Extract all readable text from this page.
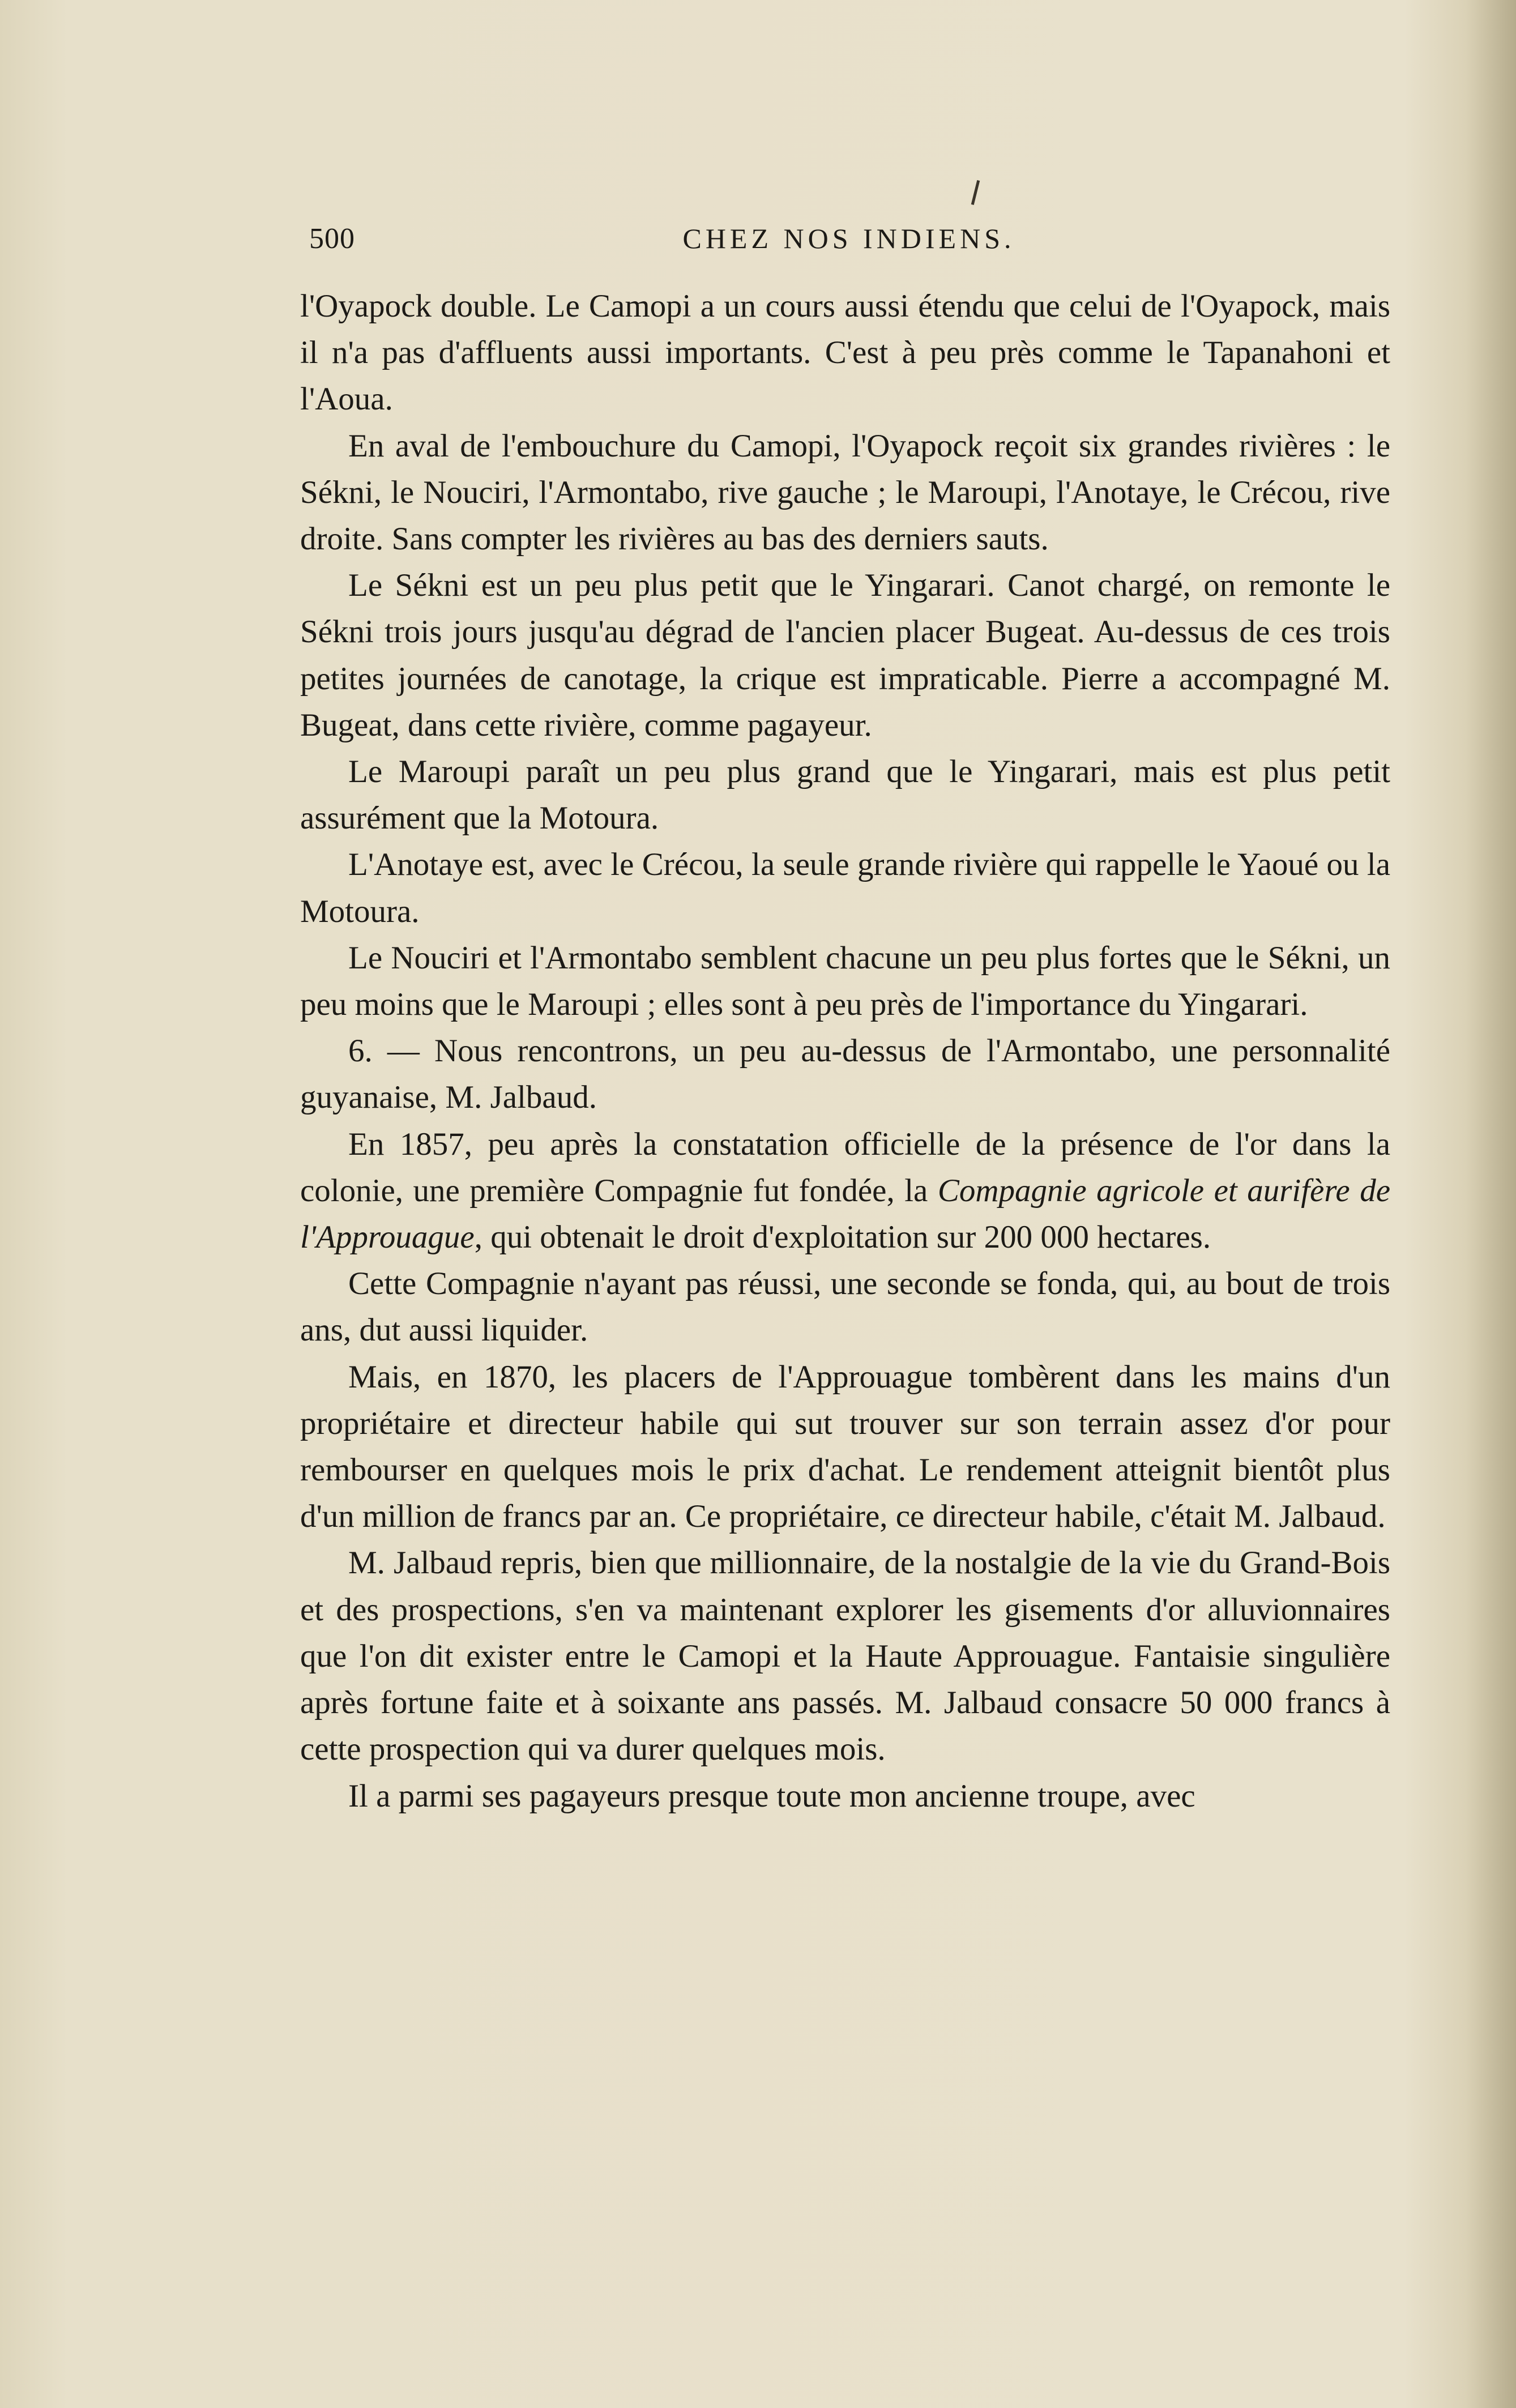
500	CHEZ NOS INDIENS.

l'Oyapock double. Le Camopi a un cours aussi étendu que celui de l'Oyapock, mais il n'a pas d'affluents aussi importants. C'est à peu près comme le Tapanahoni et l'Aoua.

En aval de l'embouchure du Camopi, l'Oyapock reçoit six grandes rivières : le Sékni, le Nouciri, l'Armontabo, rive gauche ; le Maroupi, l'Anotaye, le Crécou, rive droite. Sans compter les rivières au bas des derniers sauts.

Le Sékni est un peu plus petit que le Yingarari. Canot chargé, on remonte le Sékni trois jours jusqu'au dégrad de l'ancien placer Bugeat. Au-dessus de ces trois petites journées de canotage, la crique est impraticable. Pierre a accompagné M. Bugeat, dans cette rivière, comme pagayeur.

Le Maroupi paraît un peu plus grand que le Yingarari, mais est plus petit assurément que la Motoura.

L'Anotaye est, avec le Crécou, la seule grande rivière qui rappelle le Yaoué ou la Motoura.

Le Nouciri et l'Armontabo semblent chacune un peu plus fortes que le Sékni, un peu moins que le Maroupi ; elles sont à peu près de l'importance du Yingarari.

6. — Nous rencontrons, un peu au-dessus de l'Armontabo, une personnalité guyanaise, M. Jalbaud.

En 1857, peu après la constatation officielle de la présence de l'or dans la colonie, une première Compagnie fut fondée, la Compagnie agricole et aurifère de l'Approuague, qui obtenait le droit d'exploitation sur 200 000 hectares.

Cette Compagnie n'ayant pas réussi, une seconde se fonda, qui, au bout de trois ans, dut aussi liquider.

Mais, en 1870, les placers de l'Approuague tombèrent dans les mains d'un propriétaire et directeur habile qui sut trouver sur son terrain assez d'or pour rembourser en quelques mois le prix d'achat. Le rendement atteignit bientôt plus d'un million de francs par an. Ce propriétaire, ce directeur habile, c'était M. Jalbaud.

M. Jalbaud repris, bien que millionnaire, de la nostalgie de la vie du Grand-Bois et des prospections, s'en va maintenant explorer les gisements d'or alluvionnaires que l'on dit exister entre le Camopi et la Haute Approuague. Fantaisie singulière après fortune faite et à soixante ans passés. M. Jalbaud consacre 50 000 francs à cette prospection qui va durer quelques mois.

Il a parmi ses pagayeurs presque toute mon ancienne troupe, avec
